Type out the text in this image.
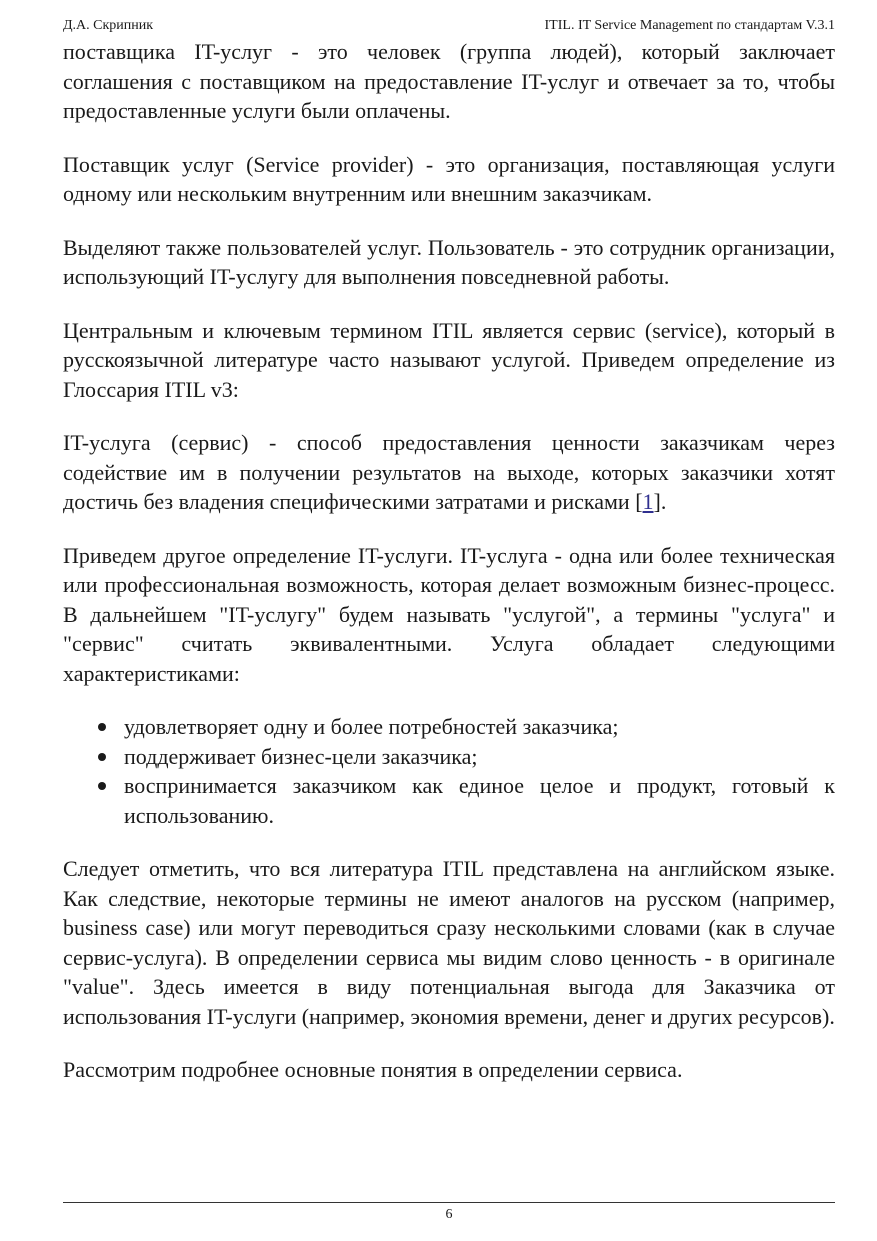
Д.А. Скрипник	ITIL. IT Service Management по стандартам V.3.1

поставщика IT-услуг - это человек (группа людей), который заключает соглашения с поставщиком на предоставление IT-услуг и отвечает за то, чтобы предоставленные услуги были оплачены.

Поставщик услуг (Service provider) - это организация, поставляющая услуги одному или нескольким внутренним или внешним заказчикам.

Выделяют также пользователей услуг. Пользователь - это сотрудник организации, использующий IT-услугу для выполнения повседневной работы.

Центральным и ключевым термином ITIL является сервис (service), который в русскоязычной литературе часто называют услугой. Приведем определение из Глоссария ITIL v3:

IT-услуга (сервис) - способ предоставления ценности заказчикам через содействие им в получении результатов на выходе, которых заказчики хотят достичь без владения специфическими затратами и рисками [1].

Приведем другое определение IT-услуги. IT-услуга - одна или более техническая или профессиональная возможность, которая делает возможным бизнес-процесс. В дальнейшем "IT-услугу" будем называть "услугой", а термины "услуга" и "сервис" считать эквивалентными. Услуга обладает следующими характеристиками:

удовлетворяет одну и более потребностей заказчика;
поддерживает бизнес-цели заказчика;
воспринимается заказчиком как единое целое и продукт, готовый к использованию.

Следует отметить, что вся литература ITIL представлена на английском языке. Как следствие, некоторые термины не имеют аналогов на русском (например, business case) или могут переводиться сразу несколькими словами (как в случае сервис-услуга). В определении сервиса мы видим слово ценность - в оригинале "value". Здесь имеется в виду потенциальная выгода для Заказчика от использования IT-услуги (например, экономия времени, денег и других ресурсов).

Рассмотрим подробнее основные понятия в определении сервиса.

6
